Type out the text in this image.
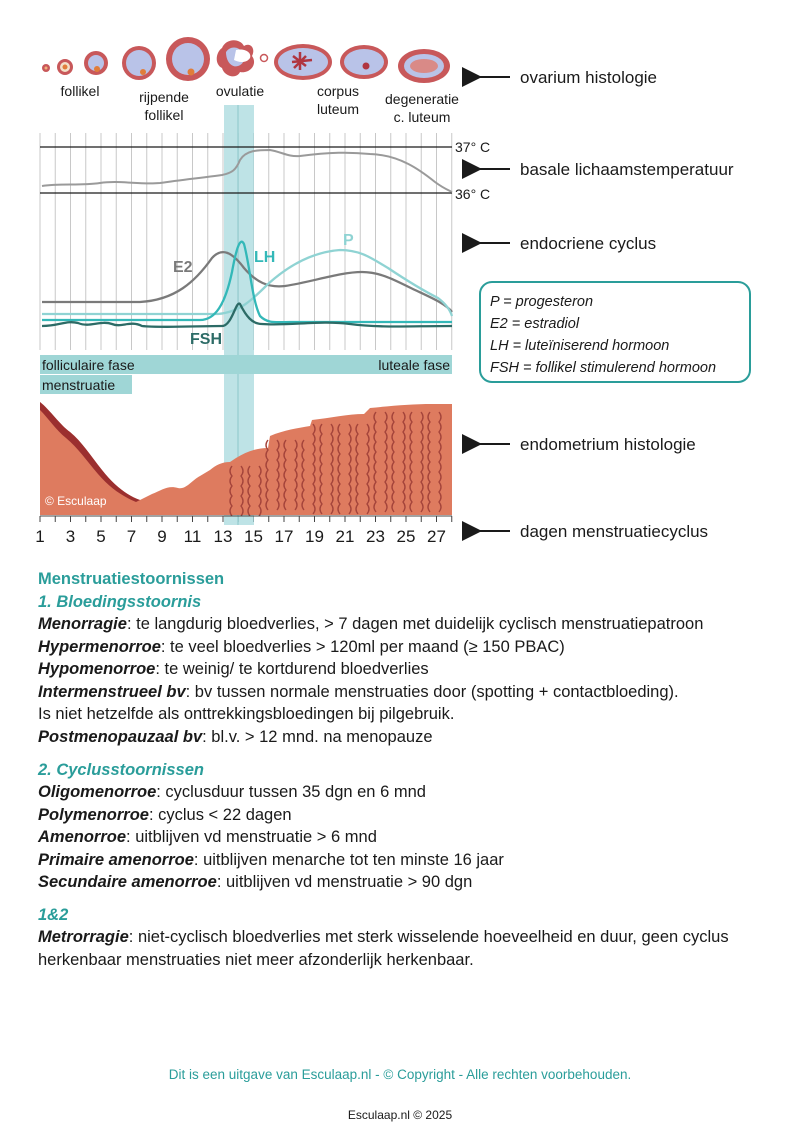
37° C
36° C
E2
LH
P
FSH
folliculaire fase	luteale fase
menstruatie
© Esculaap
1 3 5 7 9 11 13 15 17 19 21 23 25 27
follikel	rijpende
follikel
ovulatie	corpus
luteum
degeneratie
c. luteum
ovarium histologie
basale lichaamstemperatuur
endocriene cyclus
endometrium histologie
dagen menstruatiecyclus
P = progesteron
E2 = estradiol
LH = luteïniserend hormoon
FSH = follikel stimulerend hormoon

Menstruatiestoornissen

1. Bloedingsstoornis

Menorragie: te langdurig bloedverlies, > 7 dagen met duidelijk cyclisch menstruatiepatroon

Hypermenorroe: te veel bloedverlies > 120ml per maand (≥ 150 PBAC)

Hypomenorroe: te weinig/ te kortdurend bloedverlies

Intermenstrueel bv: bv tussen normale menstruaties door (spotting + contactbloeding).

Is niet hetzelfde als onttrekkingsbloedingen bij pilgebruik.

Postmenopauzaal bv: bl.v. > 12 mnd. na menopauze

2. Cyclusstoornissen

Oligomenorroe: cyclusduur tussen 35 dgn en 6 mnd

Polymenorroe: cyclus < 22 dagen

Amenorroe: uitblijven vd menstruatie > 6 mnd

Primaire amenorroe: uitblijven menarche tot ten minste 16 jaar

Secundaire amenorroe: uitblijven vd menstruatie > 90 dgn

1&2

Metrorragie: niet-cyclisch bloedverlies met sterk wisselende hoeveelheid en duur, geen cyclus herkenbaar menstruaties niet meer afzonderlijk herkenbaar.

Dit is een uitgave van Esculaap.nl - © Copyright - Alle rechten voorbehouden.
Esculaap.nl © 2025
